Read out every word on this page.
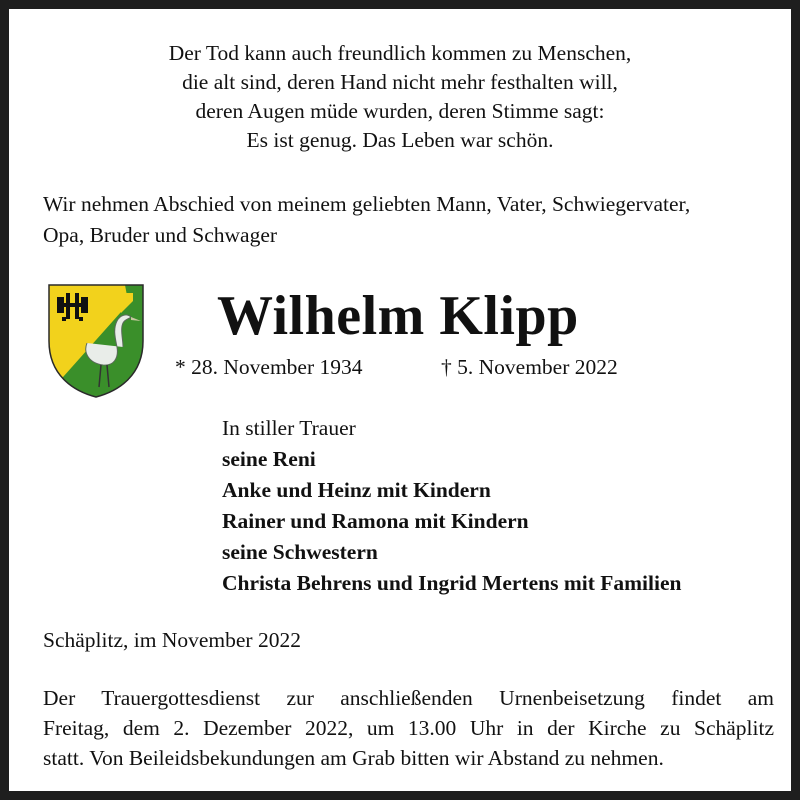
Der Tod kann auch freundlich kommen zu Menschen,
die alt sind, deren Hand nicht mehr festhalten will,
deren Augen müde wurden, deren Stimme sagt:
Es ist genug. Das Leben war schön.
Wir nehmen Abschied von meinem geliebten Mann, Vater, Schwiegervater,
Opa, Bruder und Schwager
Wilhelm Klipp
* 28. November 1934	† 5. November 2022
In stiller Trauer
seine Reni
Anke und Heinz mit Kindern
Rainer und Ramona mit Kindern
seine Schwestern
Christa Behrens und Ingrid Mertens mit Familien
Schäplitz, im November 2022
Der Trauergottesdienst zur anschließenden Urnenbeisetzung findet am
Freitag, dem 2. Dezember 2022, um 13.00 Uhr in der Kirche zu Schäplitz
statt. Von Beileidsbekundungen am Grab bitten wir Abstand zu nehmen.
